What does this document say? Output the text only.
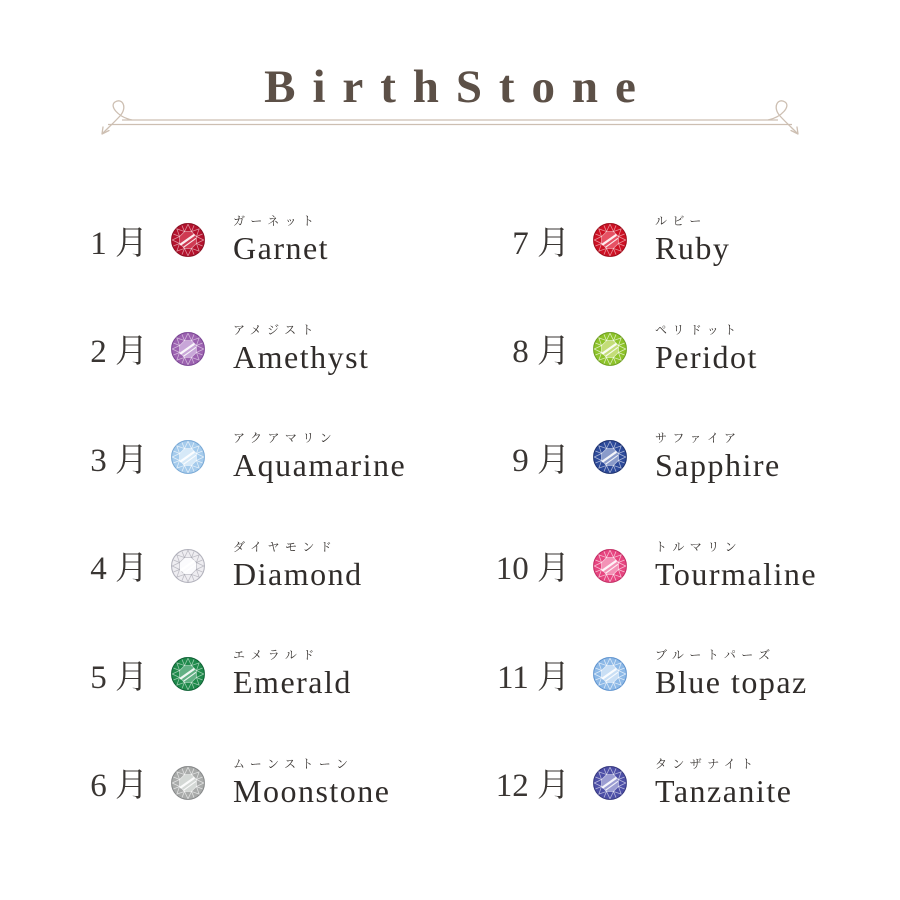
BirthStone
1 月
ガーネット
Garnet
2 月
アメジスト
Amethyst
3 月
アクアマリン
Aquamarine
4 月
ダイヤモンド
Diamond
5 月
エメラルド
Emerald
6 月
ムーンストーン
Moonstone
7 月
ルビー
Ruby
8 月
ペリドット
Peridot
9 月
サファイア
Sapphire
10 月
トルマリン
Tourmaline
11 月
ブルートパーズ
Blue topaz
12 月
タンザナイト
Tanzanite
